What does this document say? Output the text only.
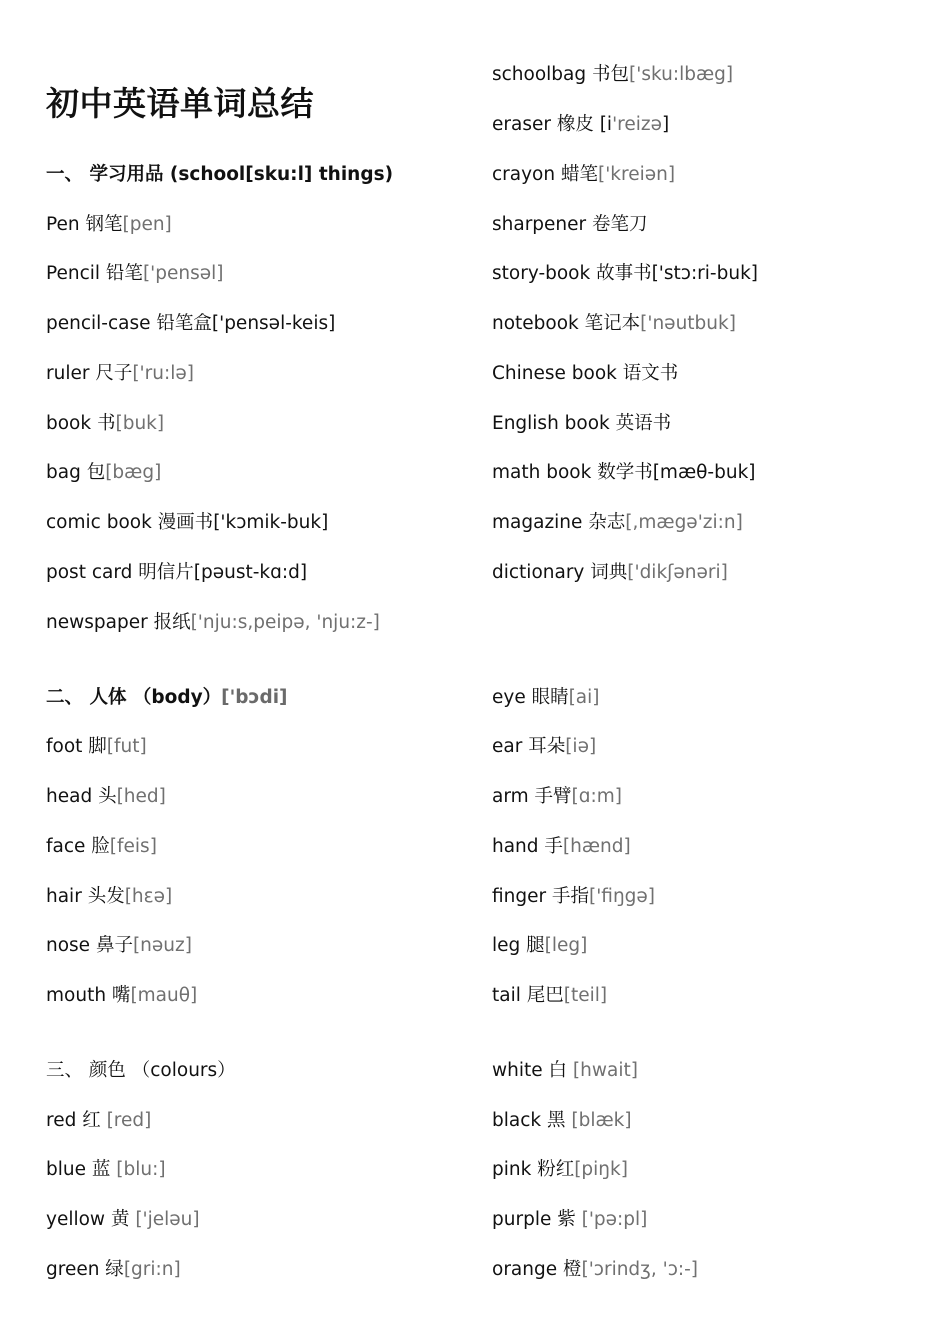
初中英语单词总结
一、 学习用品 (school[sku:l] things)
Pen 钢笔[pen]
Pencil 铅笔['pensəl]
pencil-case 铅笔盒['pensəl-keis]
ruler 尺子['ru:lə]
book 书[buk]
bag 包[bæg]
comic book 漫画书['kɔmik-buk]
post card 明信片[pəust-kɑ:d]
newspaper 报纸['nju:s,peipə, 'nju:z-]
二、 人体 （body）['bɔdi]
foot 脚[fut]
head 头[hed]
face 脸[feis]
hair 头发[hεə]
nose 鼻子[nəuz]
mouth 嘴[mauθ]
三、 颜色 （colours）
red 红 [red]
blue 蓝 [blu:]
yellow 黄 ['jeləu]
green 绿[gri:n]
schoolbag 书包['sku:lbæg]
eraser 橡皮 [i'reizə]
crayon 蜡笔['kreiən]
sharpener 卷笔刀
story-book 故事书['stɔ:ri-buk]
notebook 笔记本['nəutbuk]
Chinese book 语文书
English book 英语书
math book 数学书[mæθ-buk]
magazine 杂志[,mægə'zi:n]
dictionary 词典['dikʃənəri]
eye 眼睛[ai]
ear 耳朵[iə]
arm 手臂[ɑ:m]
hand 手[hænd]
finger 手指['fiŋgə]
leg 腿[leg]
tail 尾巴[teil]
white 白 [hwait]
black 黑 [blæk]
pink 粉红[piŋk]
purple 紫 ['pə:pl]
orange 橙['ɔrindʒ, 'ɔ:-]
